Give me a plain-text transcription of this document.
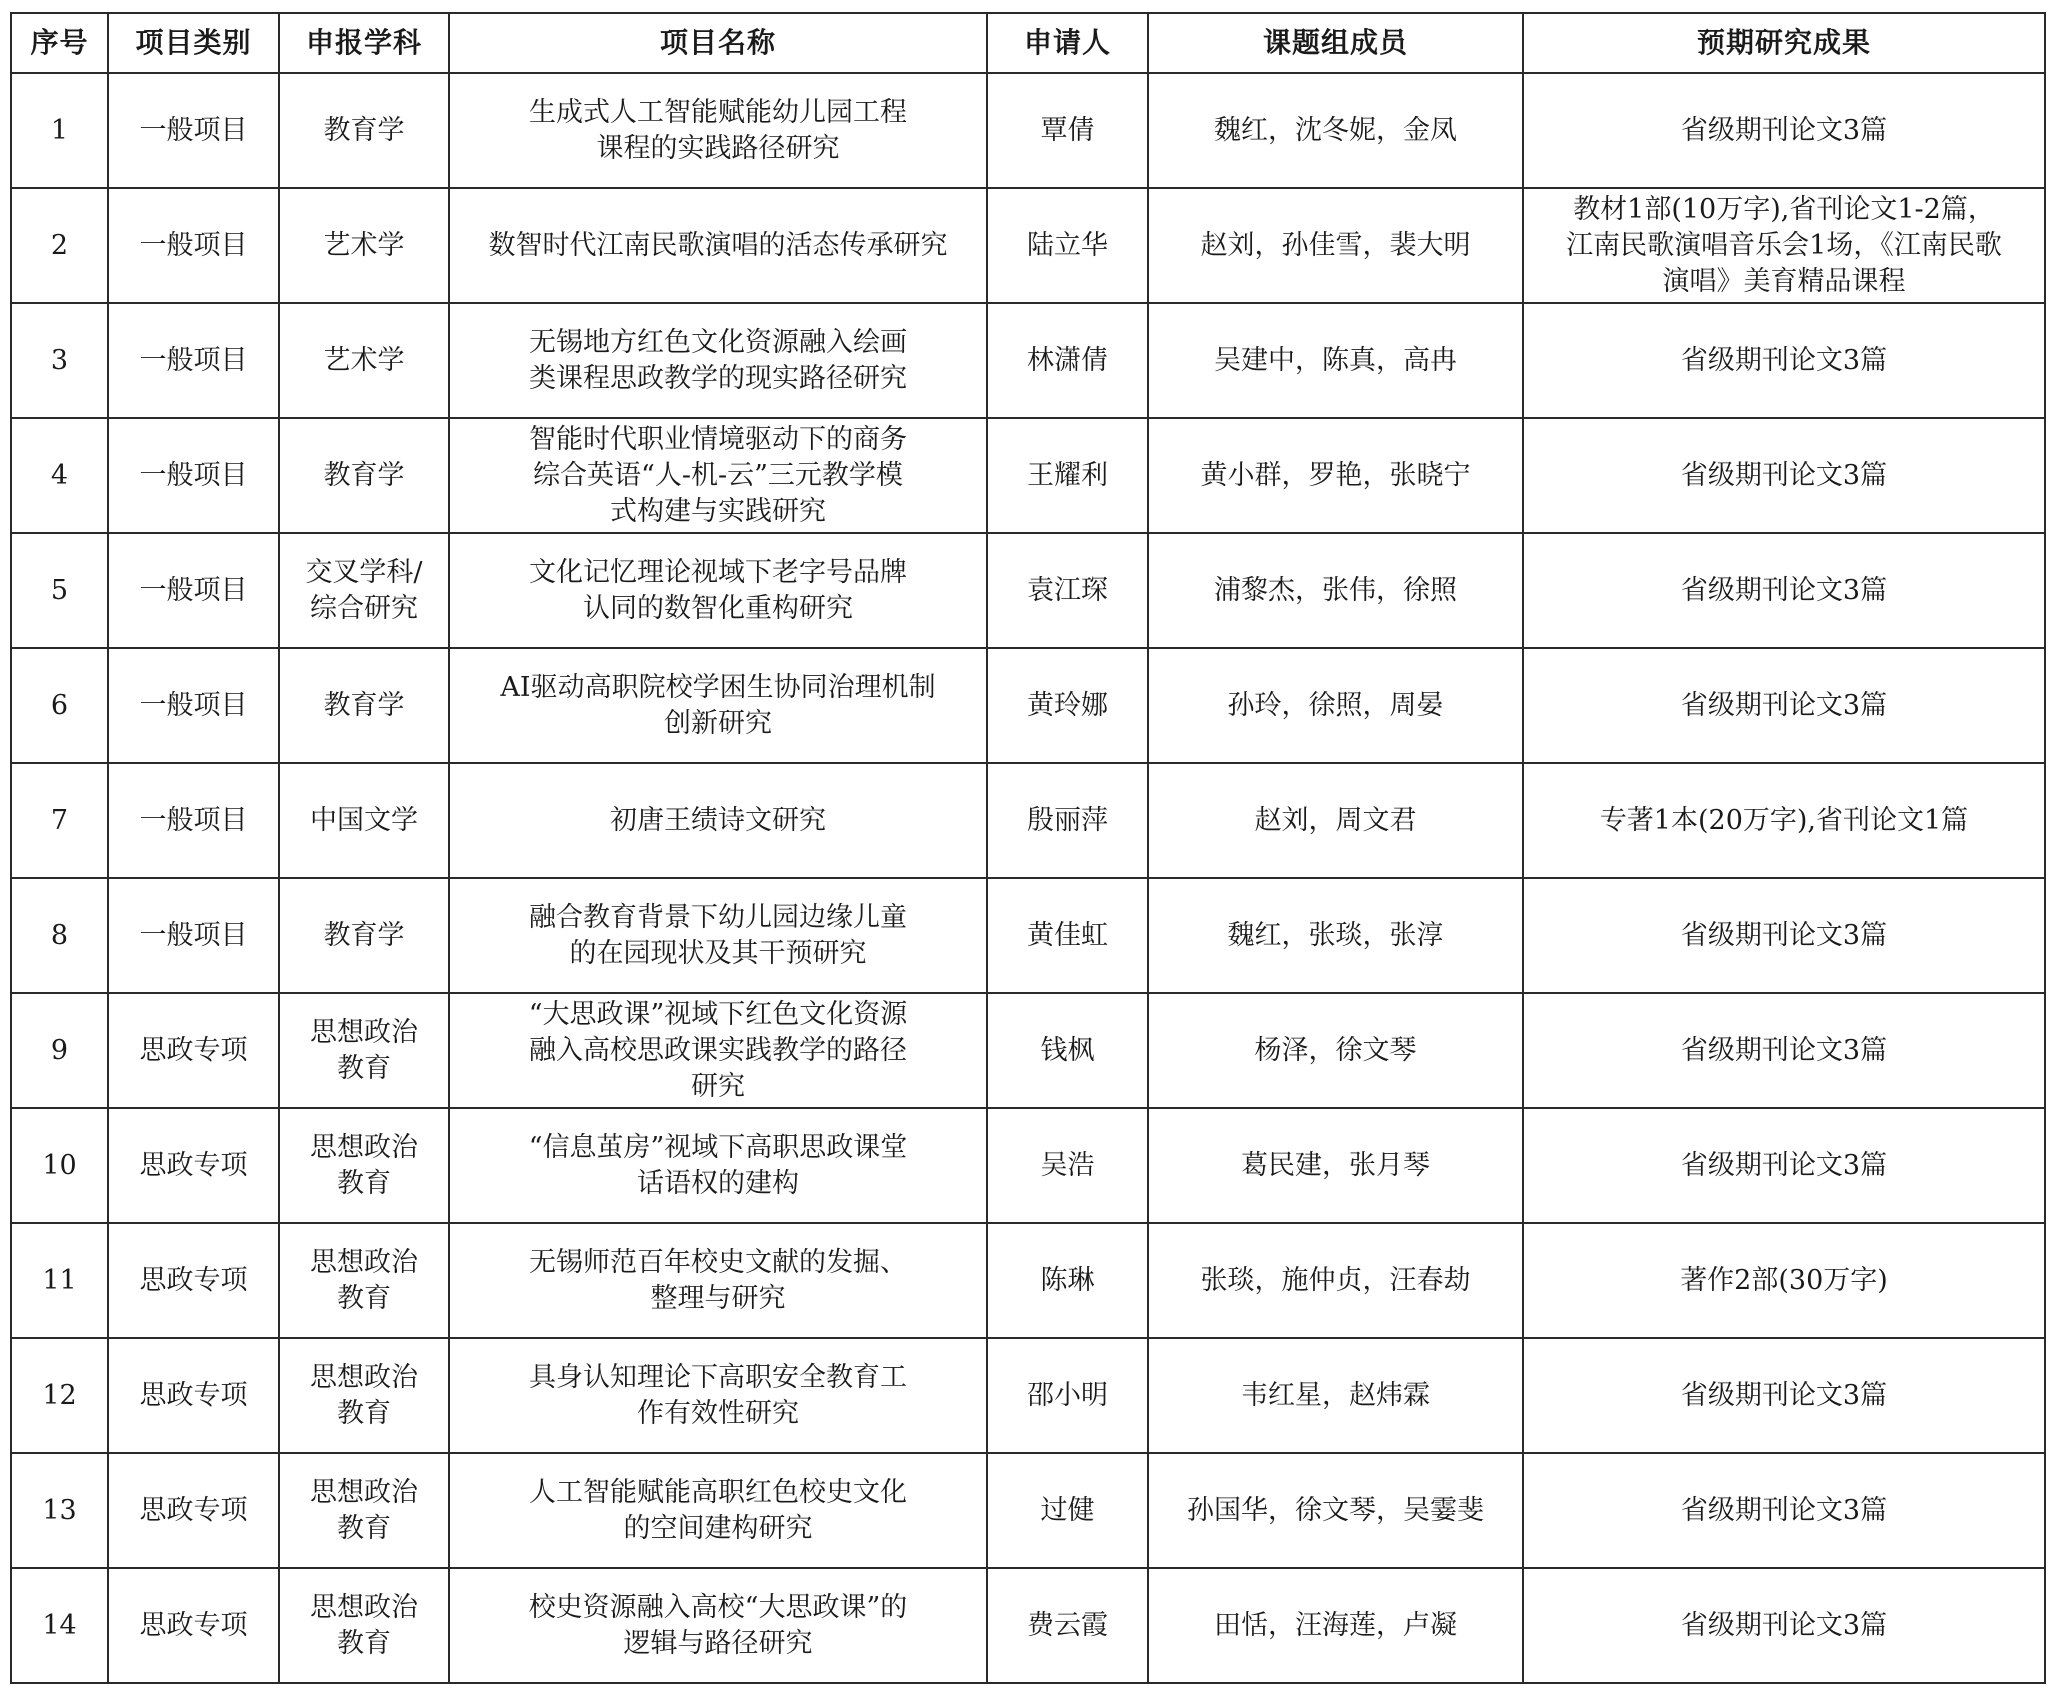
序号	项目类别	申报学科	项目名称	申请人	课题组成员	预期研究成果
1	一般项目	教育学	生成式人工智能赋能幼儿园工程
课程的实践路径研究	覃倩	魏红，沈冬妮，金凤	省级期刊论文3篇

2	一般项目	艺术学	数智时代江南民歌演唱的活态传承研究	陆立华	赵刘，孙佳雪，裴大明	教材1部(10万字),省刊论文1-2篇，
江南民歌演唱音乐会1场，《江南民歌
演唱》美育精品课程

3	一般项目	艺术学	无锡地方红色文化资源融入绘画
类课程思政教学的现实路径研究	林潇倩	吴建中，陈真，高冉	省级期刊论文3篇

4	一般项目	教育学	智能时代职业情境驱动下的商务
综合英语“人-机-云”三元教学模
式构建与实践研究	王耀利	黄小群，罗艳，张晓宁	省级期刊论文3篇

5	一般项目	交叉学科/
综合研究	文化记忆理论视域下老字号品牌
认同的数智化重构研究	袁江琛	浦黎杰，张伟，徐照	省级期刊论文3篇

6	一般项目	教育学	AI驱动高职院校学困生协同治理机制
创新研究	黄玲娜	孙玲，徐照，周晏	省级期刊论文3篇

7	一般项目	中国文学	初唐王绩诗文研究	殷丽萍	赵刘，周文君	专著1本(20万字),省刊论文1篇

8	一般项目	教育学	融合教育背景下幼儿园边缘儿童
的在园现状及其干预研究	黄佳虹	魏红，张琰，张淳	省级期刊论文3篇

9	思政专项	思想政治
教育	“大思政课”视域下红色文化资源
融入高校思政课实践教学的路径
研究	钱枫	杨泽，徐文琴	省级期刊论文3篇

10	思政专项	思想政治
教育	“信息茧房”视域下高职思政课堂
话语权的建构	吴浩	葛民建，张月琴	省级期刊论文3篇

11	思政专项	思想政治
教育	无锡师范百年校史文献的发掘、
整理与研究	陈琳	张琰，施仲贞，汪春劫	著作2部(30万字)

12	思政专项	思想政治
教育	具身认知理论下高职安全教育工
作有效性研究	邵小明	韦红星，赵炜霖	省级期刊论文3篇

13	思政专项	思想政治
教育	人工智能赋能高职红色校史文化
的空间建构研究	过健	孙国华，徐文琴，吴霎斐	省级期刊论文3篇

14	思政专项	思想政治
教育	校史资源融入高校“大思政课”的
逻辑与路径研究	费云霞	田恬，汪海莲，卢凝	省级期刊论文3篇
